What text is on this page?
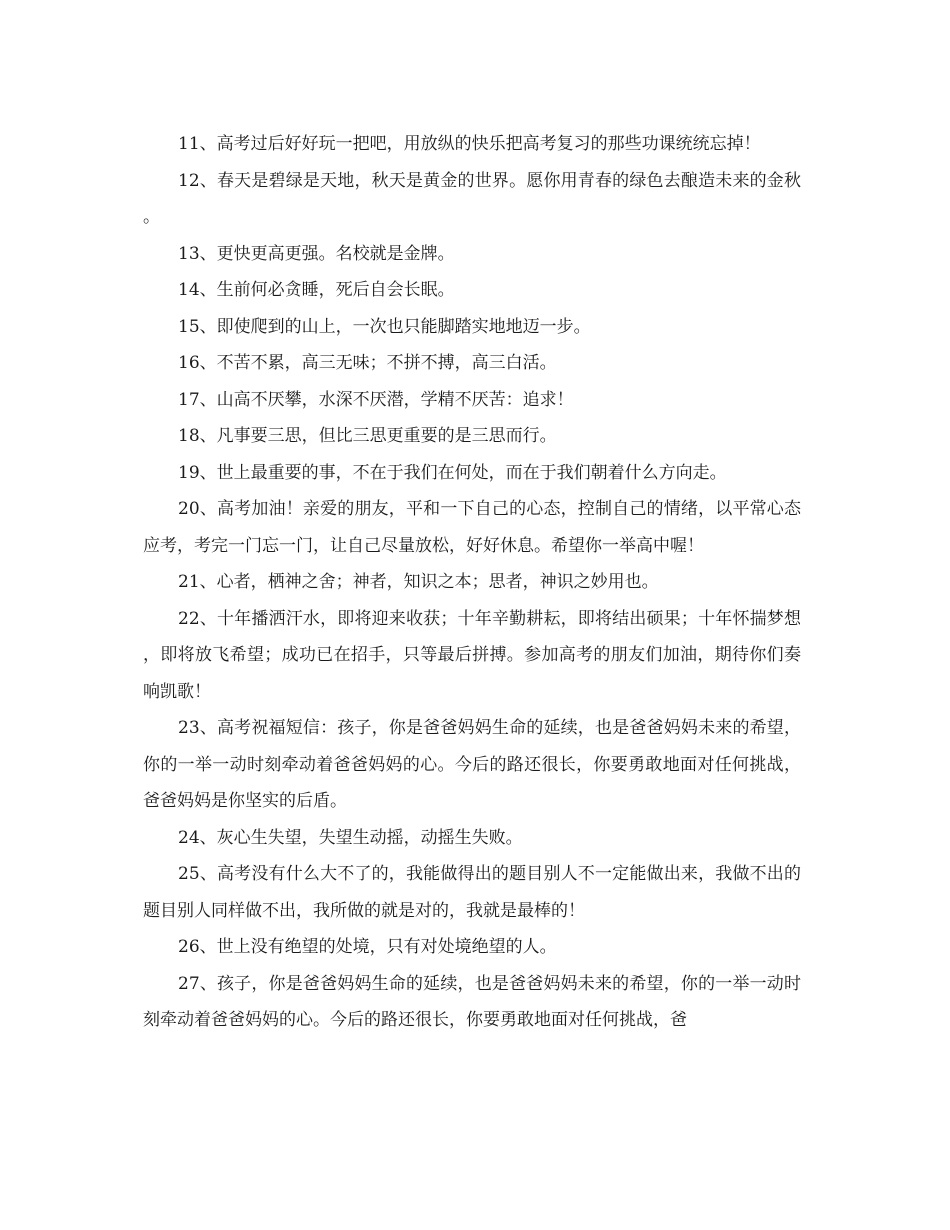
11、高考过后好好玩一把吧，用放纵的快乐把高考复习的那些功课统统忘掉！

12、春天是碧绿是天地，秋天是黄金的世界。愿你用青春的绿色去酿造未来的金秋。

13、更快更高更强。名校就是金牌。

14、生前何必贪睡，死后自会长眠。

15、即使爬到的山上，一次也只能脚踏实地地迈一步。

16、不苦不累，高三无味；不拼不搏，高三白活。

17、山高不厌攀，水深不厌潜，学精不厌苦：追求！

18、凡事要三思，但比三思更重要的是三思而行。

19、世上最重要的事，不在于我们在何处，而在于我们朝着什么方向走。

20、高考加油！亲爱的朋友，平和一下自己的心态，控制自己的情绪，以平常心态应考，考完一门忘一门，让自己尽量放松，好好休息。希望你一举高中喔！

21、心者，栖神之舍；神者，知识之本；思者，神识之妙用也。

22、十年播洒汗水，即将迎来收获；十年辛勤耕耘，即将结出硕果；十年怀揣梦想，即将放飞希望；成功已在招手，只等最后拼搏。参加高考的朋友们加油，期待你们奏响凯歌！

23、高考祝福短信：孩子，你是爸爸妈妈生命的延续，也是爸爸妈妈未来的希望，你的一举一动时刻牵动着爸爸妈妈的心。今后的路还很长，你要勇敢地面对任何挑战，爸爸妈妈是你坚实的后盾。

24、灰心生失望，失望生动摇，动摇生失败。

25、高考没有什么大不了的，我能做得出的题目别人不一定能做出来，我做不出的题目别人同样做不出，我所做的就是对的，我就是最棒的！

26、世上没有绝望的处境，只有对处境绝望的人。

27、孩子，你是爸爸妈妈生命的延续，也是爸爸妈妈未来的希望，你的一举一动时刻牵动着爸爸妈妈的心。今后的路还很长，你要勇敢地面对任何挑战，爸
